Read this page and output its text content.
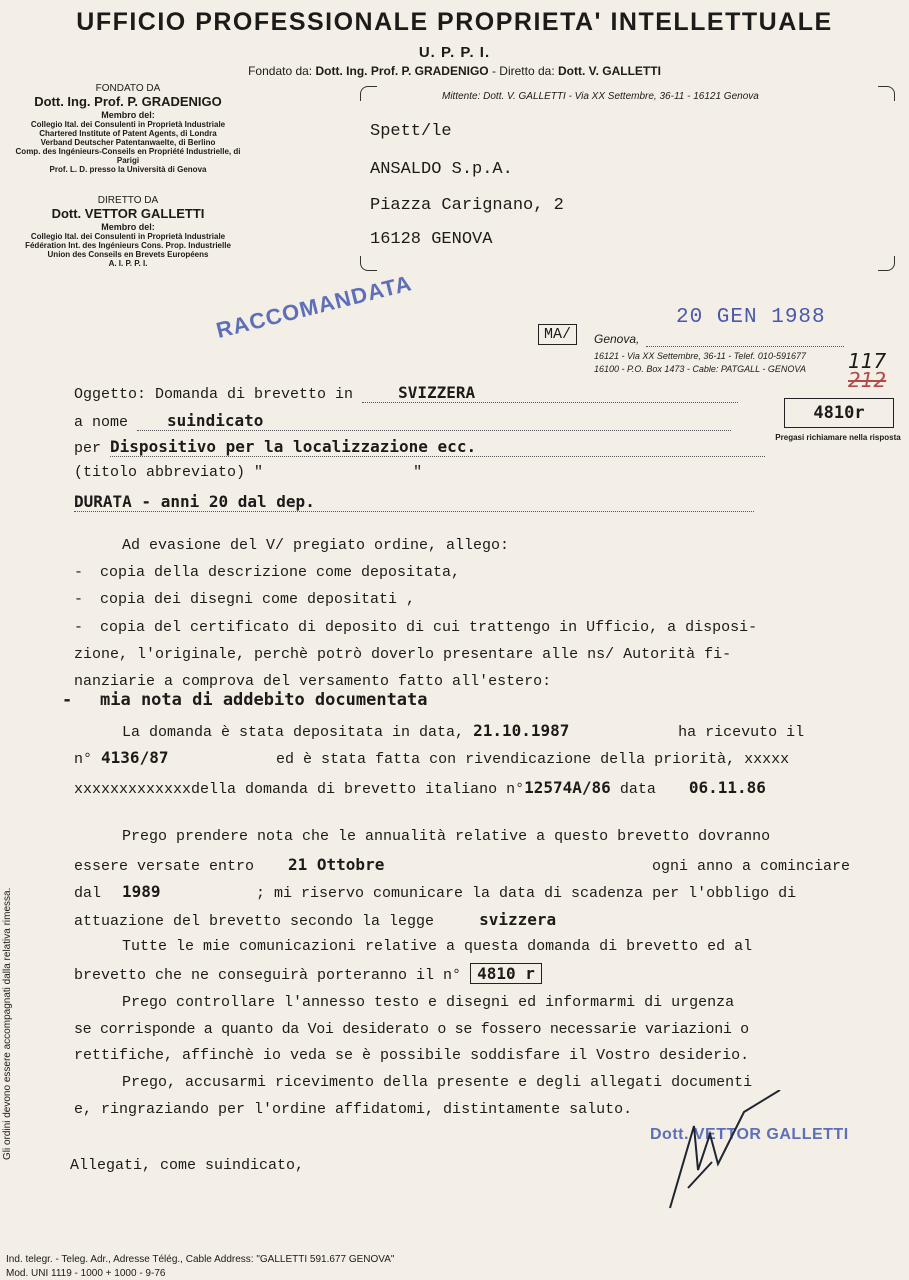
UFFICIO PROFESSIONALE PROPRIETA' INTELLETTUALE
U. P. P. I.
Fondato da: Dott. Ing. Prof. P. GRADENIGO - Diretto da: Dott. V. GALLETTI
FONDATO DA
Dott. Ing. Prof. P. GRADENIGO
Membro del:
Collegio Ital. dei Consulenti in Proprietà Industriale
Chartered Institute of Patent Agents, di Londra
Verband Deutscher Patentanwaelte, di Berlino
Comp. des Ingénieurs-Conseils en Propriété Industrielle, di Parigi
Prof. L. D. presso la Università di Genova
DIRETTO DA
Dott. VETTOR GALLETTI
Membro del:
Collegio Ital. dei Consulenti in Proprietà Industriale
Fédération Int. des Ingénieurs Cons. Prop. Industrielle
Union des Conseils en Brevets Européens
A. I. P. P. I.
Mittente: Dott. V. GALLETTI - Via XX Settembre, 36-11 - 16121 Genova
Spett/le
ANSALDO S.p.A.
Piazza Carignano, 2
16128 GENOVA
RACCOMANDATA	20 GEN 1988
MA/	Genova,
16121 - Via XX Settembre, 36-11 - Telef. 010-591677
16100 - P.O. Box 1473 - Cable: PATGALL - GENOVA 117
212
4810r
Pregasi richiamare nella risposta
Oggetto: Domanda di brevetto in	SVIZZERA
a nome suindicato
per Dispositivo per la localizzazione ecc.
(titolo abbreviato) "	"
DURATA - anni 20 dal dep.
Ad evasione del V/ pregiato ordine, allego:
- copia della descrizione come depositata,
- copia dei disegni come depositati ,
- copia del certificato di deposito di cui trattengo in Ufficio, a disposi-
zione, l'originale, perchè potrò doverlo presentare alle ns/ Autorità fi-
nanziarie a comprova del versamento fatto all'estero:
- mia nota di addebito documentata
La domanda è stata depositata in data, 21.10.1987	ha ricevuto il
n° 4136/87	ed è stata fatta con rivendicazione della priorità, xxxxx
xxxxxxxxxxxxxdella domanda di brevetto italiano n°12574A/86 data 06.11.86
Prego prendere nota che le annualità relative a questo brevetto dovranno
essere versate entro 21 Ottobre	ogni anno a cominciare
dal 1989	; mi riservo comunicare la data di scadenza per l'obbligo di
attuazione del brevetto secondo la legge	svizzera
Tutte le mie comunicazioni relative a questa domanda di brevetto ed al
brevetto che ne conseguirà porteranno il n° 4810 r
Prego controllare l'annesso testo e disegni ed informarmi di urgenza
se corrisponde a quanto da Voi desiderato o se fossero necessarie variazioni o
rettifiche, affinchè io veda se è possibile soddisfare il Vostro desiderio.
Prego, accusarmi ricevimento della presente e degli allegati documenti
e, ringraziando per l'ordine affidatomi, distintamente saluto.
Dott. VETTOR GALLETTI
Allegati, come suindicato,
Ind. telegr. - Teleg. Adr., Adresse Télég., Cable Address: "GALLETTI 591.677 GENOVA"
Mod. UNI 1119 - 1000 + 1000 - 9-76
Gli ordini devono essere accompagnati dalla relativa rimessa.
